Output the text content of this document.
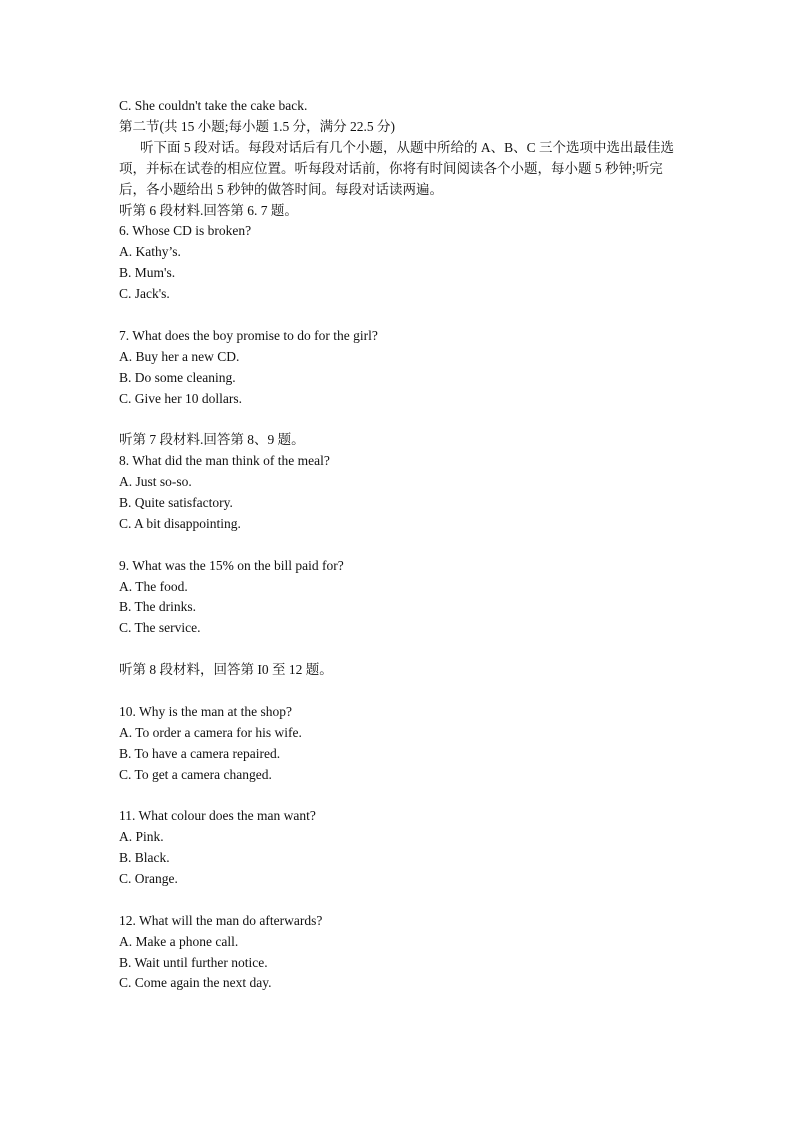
C. She couldn't take the cake back.
第二节(共 15 小题;每小题 1.5 分，满分 22.5 分)
听下面 5 段对话。每段对话后有几个小题，从题中所给的 A、B、C 三个选项中选出最佳选项，并标在试卷的相应位置。听每段对话前，你将有时间阅读各个小题，每小题 5 秒钟;听完后，各小题给出 5 秒钟的做答时间。每段对话读两遍。
听第 6 段材料.回答第 6. 7 题。
6. Whose CD is broken?
A. Kathy’s.
B. Mum's.
C. Jack's.
7. What does the boy promise to do for the girl?
A. Buy her a new CD.
B. Do some cleaning.
C. Give her 10 dollars.
听第 7 段材料.回答第 8、9 题。
8. What did the man think of the meal?
A. Just so-so.
B. Quite satisfactory.
C. A bit disappointing.
9. What was the 15% on the bill paid for?
A. The food.
B. The drinks.
C. The service.
听第 8 段材料，回答第 I0 至 12 题。
10. Why is the man at the shop?
A. To order a camera for his wife.
B. To have a camera repaired.
C. To get a camera changed.
11. What colour does the man want?
A. Pink.
B. Black.
C. Orange.
12. What will the man do afterwards?
A. Make a phone call.
B. Wait until further notice.
C. Come again the next day.
